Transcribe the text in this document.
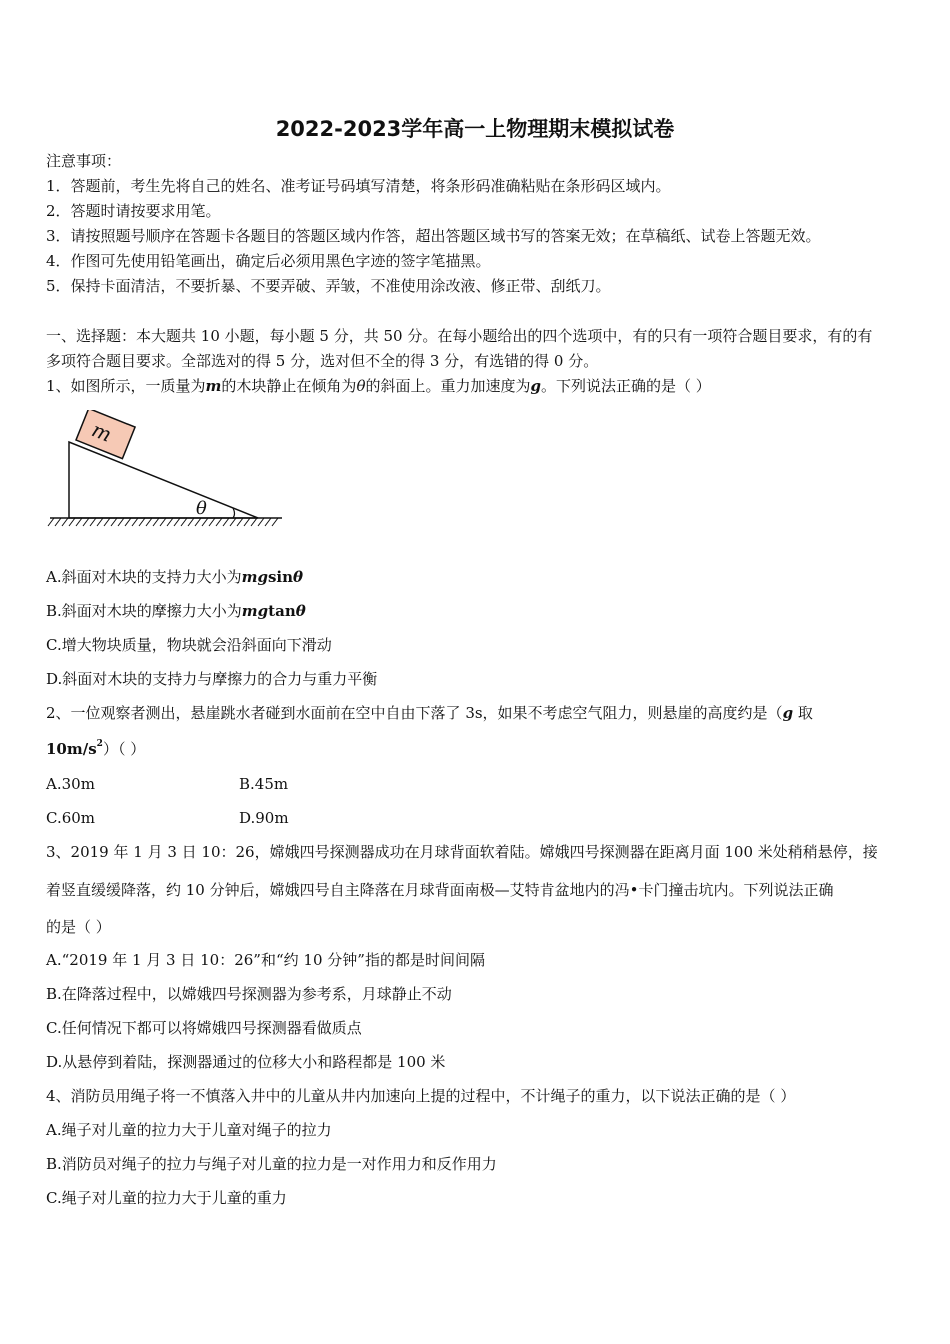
2022-2023学年高一上物理期末模拟试卷
注意事项：
1．答题前，考生先将自己的姓名、准考证号码填写清楚，将条形码准确粘贴在条形码区域内。
2．答题时请按要求用笔。
3．请按照题号顺序在答题卡各题目的答题区域内作答，超出答题区域书写的答案无效；在草稿纸、试卷上答题无效。
4．作图可先使用铅笔画出，确定后必须用黑色字迹的签字笔描黑。
5．保持卡面清洁，不要折暴、不要弄破、弄皱，不准使用涂改液、修正带、刮纸刀。
一、选择题：本大题共 10 小题，每小题 5 分，共 50 分。在每小题给出的四个选项中，有的只有一项符合题目要求，有的有
多项符合题目要求。全部选对的得 5 分，选对但不全的得 3 分，有选错的得 0 分。
1、如图所示，一质量为m的木块静止在倾角为θ的斜面上。重力加速度为g。下列说法正确的是（ ）
m
θ
A.斜面对木块的支持力大小为mgsinθ
B.斜面对木块的摩擦力大小为mgtanθ
C.增大物块质量，物块就会沿斜面向下滑动
D.斜面对木块的支持力与摩擦力的合力与重力平衡
2、一位观察者测出，悬崖跳水者碰到水面前在空中自由下落了 3s，如果不考虑空气阻力，则悬崖的高度约是（g 取
$10m/s^2$）（ ）
A.30m	B.45m
C.60m	D.90m
3、2019 年 1 月 3 日 10：26，嫦娥四号探测器成功在月球背面软着陆。嫦娥四号探测器在距离月面 100 米处稍稍悬停，接
着竖直缓缓降落，约 10 分钟后，嫦娥四号自主降落在月球背面南极—艾特肯盆地内的冯•卡门撞击坑内。下列说法正确
的是（ ）
A.“2019 年 1 月 3 日 10：26”和“约 10 分钟”指的都是时间间隔
B.在降落过程中，以嫦娥四号探测器为参考系，月球静止不动
C.任何情况下都可以将嫦娥四号探测器看做质点
D.从悬停到着陆，探测器通过的位移大小和路程都是 100 米
4、消防员用绳子将一不慎落入井中的儿童从井内加速向上提的过程中，不计绳子的重力，以下说法正确的是（ ）
A.绳子对儿童的拉力大于儿童对绳子的拉力
B.消防员对绳子的拉力与绳子对儿童的拉力是一对作用力和反作用力
C.绳子对儿童的拉力大于儿童的重力
